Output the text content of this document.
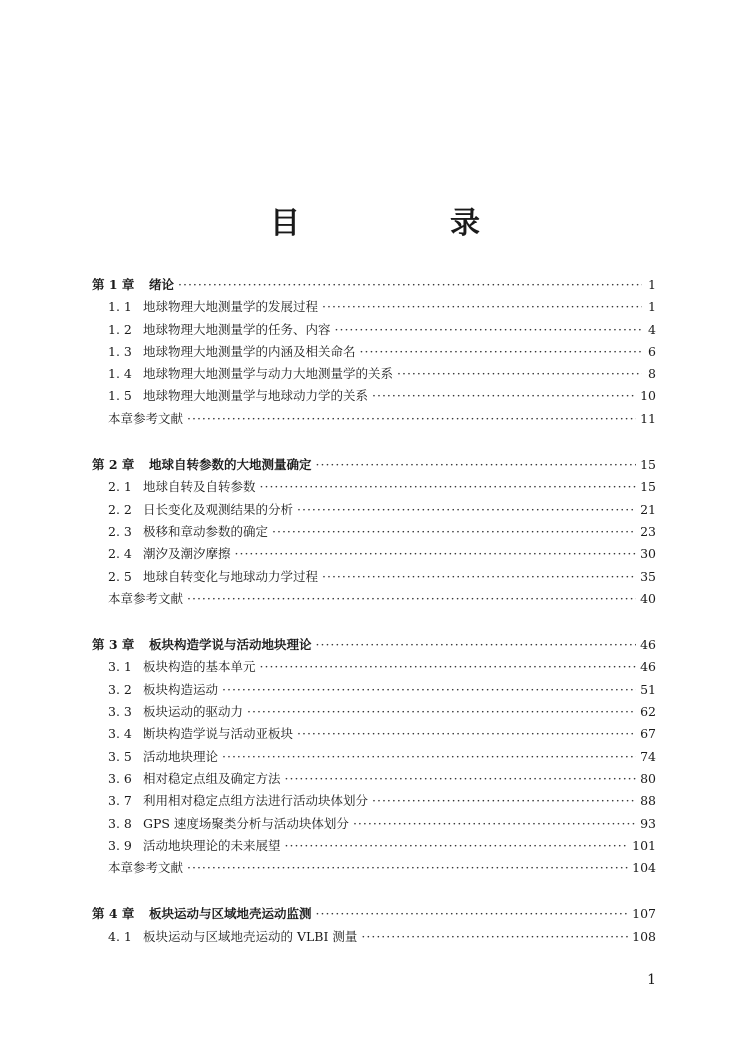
目　录
第 1 章	绪论 ·····	1
1. 1 地球物理大地测量学的发展过程 ·····	1
1. 2 地球物理大地测量学的任务、内容 ·····	4
1. 3 地球物理大地测量学的内涵及相关命名 ·····	6
1. 4 地球物理大地测量学与动力大地测量学的关系 ·····	8
1. 5 地球物理大地测量学与地球动力学的关系 ·····	10
本章参考文献 ·····	11
第 2 章	地球自转参数的大地测量确定 ·····	15
2. 1 地球自转及自转参数 ·····	15
2. 2 日长变化及观测结果的分析 ·····	21
2. 3 极移和章动参数的确定 ·····	23
2. 4 潮汐及潮汐摩擦 ·····	30
2. 5 地球自转变化与地球动力学过程 ·····	35
本章参考文献 ·····	40
第 3 章	板块构造学说与活动地块理论 ·····	46
3. 1 板块构造的基本单元 ·····	46
3. 2 板块构造运动 ·····	51
3. 3 板块运动的驱动力 ·····	62
3. 4 断块构造学说与活动亚板块 ·····	67
3. 5 活动地块理论 ·····	74
3. 6 相对稳定点组及确定方法 ·····	80
3. 7 利用相对稳定点组方法进行活动块体划分 ·····	88
3. 8 GPS 速度场聚类分析与活动块体划分 ·····	93
3. 9 活动地块理论的未来展望 ·····	101
本章参考文献 ·····	104
第 4 章	板块运动与区域地壳运动监测 ·····	107
4. 1 板块运动与区域地壳运动的 VLBI 测量 ·····	108
1
